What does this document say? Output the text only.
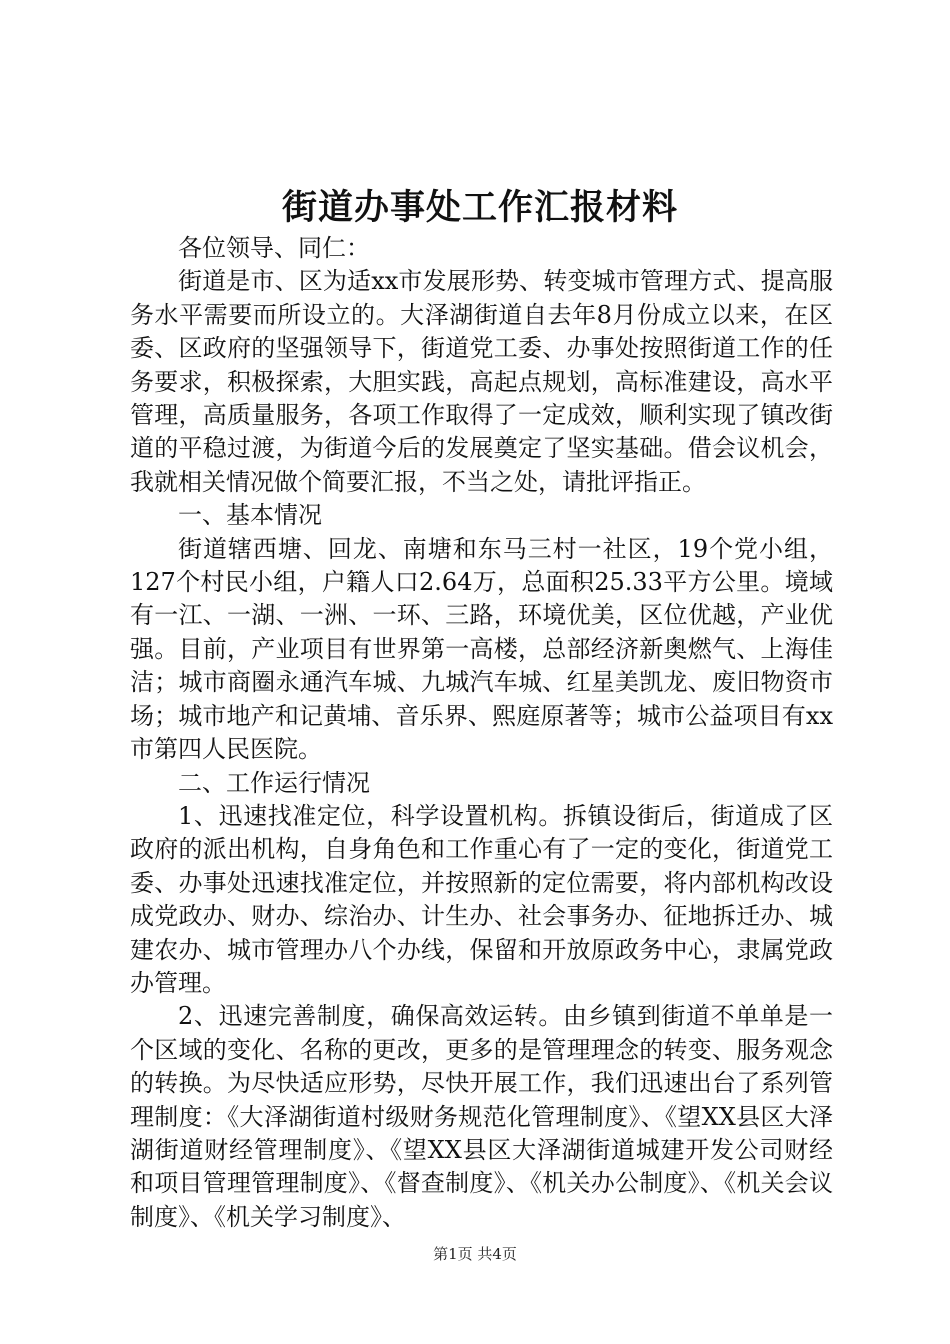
街道办事处工作汇报材料

各位领导、同仁：

街道是市、区为适xx市发展形势、转变城市管理方式、提高服务水平需要而所设立的。大泽湖街道自去年8月份成立以来，在区委、区政府的坚强领导下，街道党工委、办事处按照街道工作的任务要求，积极探索，大胆实践，高起点规划，高标准建设，高水平管理，高质量服务，各项工作取得了一定成效，顺利实现了镇改街道的平稳过渡，为街道今后的发展奠定了坚实基础。借会议机会，我就相关情况做个简要汇报，不当之处，请批评指正。

一、基本情况

街道辖西塘、回龙、南塘和东马三村一社区，19个党小组，127个村民小组，户籍人口2.64万，总面积25.33平方公里。境域有一江、一湖、一洲、一环、三路，环境优美，区位优越，产业优强。目前，产业项目有世界第一高楼，总部经济新奥燃气、上海佳洁；城市商圈永通汽车城、九城汽车城、红星美凯龙、废旧物资市场；城市地产和记黄埔、音乐界、熙庭原著等；城市公益项目有xx市第四人民医院。

二、工作运行情况

1、迅速找准定位，科学设置机构。拆镇设街后，街道成了区政府的派出机构，自身角色和工作重心有了一定的变化，街道党工委、办事处迅速找准定位，并按照新的定位需要，将内部机构改设成党政办、财办、综治办、计生办、社会事务办、征地拆迁办、城建农办、城市管理办八个办线，保留和开放原政务中心，隶属党政办管理。

2、迅速完善制度，确保高效运转。由乡镇到街道不单单是一个区域的变化、名称的更改，更多的是管理理念的转变、服务观念的转换。为尽快适应形势，尽快开展工作，我们迅速出台了系列管理制度：《大泽湖街道村级财务规范化管理制度》、《望XX县区大泽湖街道财经管理制度》、《望XX县区大泽湖街道城建开发公司财经和项目管理管理制度》、《督查制度》、《机关办公制度》、《机关会议制度》、《机关学习制度》、

第1页 共4页
